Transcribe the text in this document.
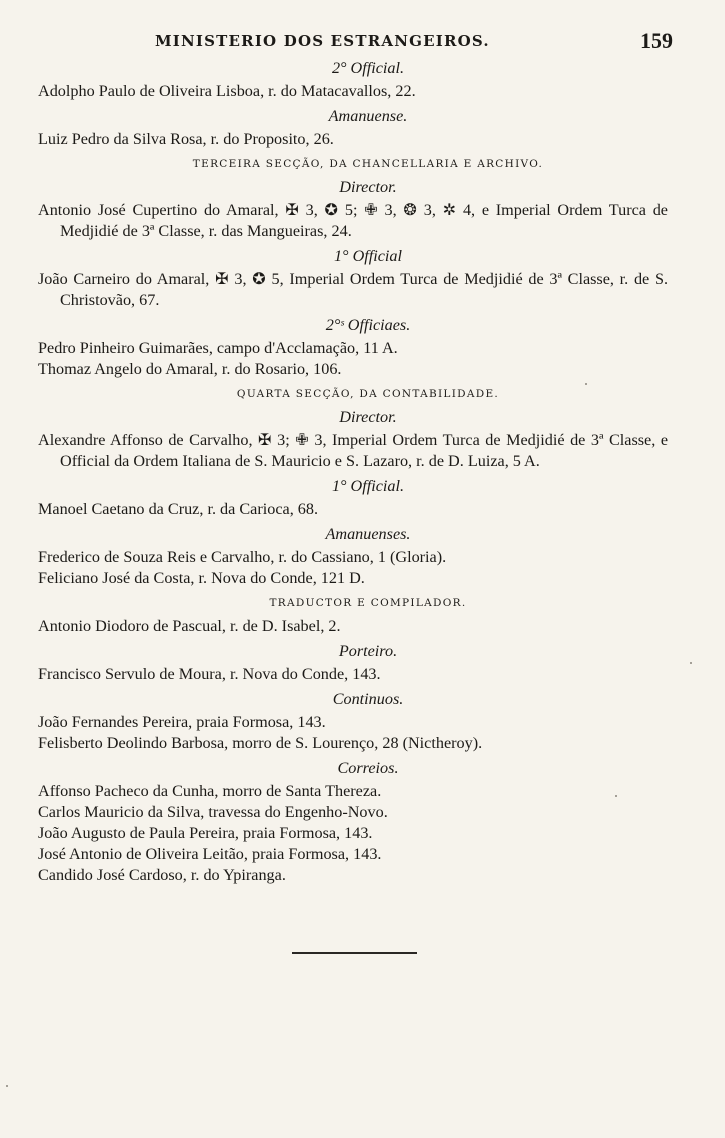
MINISTERIO DOS ESTRANGEIROS.	159
2° Official.
Adolpho Paulo de Oliveira Lisboa, r. do Matacavallos, 22.
Amanuense.
Luiz Pedro da Silva Rosa, r. do Proposito, 26.
TERCEIRA SECÇÃO, DA CHANCELLARIA E ARCHIVO.
Director.
Antonio José Cupertino do Amaral, ✠ 3, ✪ 5; ✙ 3, ❂ 3, ✲ 4, e Imperial Ordem Turca de Medjidié de 3ª Classe, r. das Mangueiras, 24.
1° Official
João Carneiro do Amaral, ✠ 3, ✪ 5, Imperial Ordem Turca de Medjidié de 3ª Classe, r. de S. Christovão, 67.
2°ˢ Officiaes.
Pedro Pinheiro Guimarães, campo d'Acclamação, 11 A.
Thomaz Angelo do Amaral, r. do Rosario, 106.
QUARTA SECÇÃO, DA CONTABILIDADE.
Director.
Alexandre Affonso de Carvalho, ✠ 3; ✙ 3, Imperial Ordem Turca de Medjidié de 3ª Classe, e Official da Ordem Italiana de S. Mauricio e S. Lazaro, r. de D. Luiza, 5 A.
1° Official.
Manoel Caetano da Cruz, r. da Carioca, 68.
Amanuenses.
Frederico de Souza Reis e Carvalho, r. do Cassiano, 1 (Gloria).
Feliciano José da Costa, r. Nova do Conde, 121 D.
TRADUCTOR E COMPILADOR.
Antonio Diodoro de Pascual, r. de D. Isabel, 2.
Porteiro.
Francisco Servulo de Moura, r. Nova do Conde, 143.
Continuos.
João Fernandes Pereira, praia Formosa, 143.
Felisberto Deolindo Barbosa, morro de S. Lourenço, 28 (Nictheroy).
Correios.
Affonso Pacheco da Cunha, morro de Santa Thereza.
Carlos Mauricio da Silva, travessa do Engenho-Novo.
João Augusto de Paula Pereira, praia Formosa, 143.
José Antonio de Oliveira Leitão, praia Formosa, 143.
Candido José Cardoso, r. do Ypiranga.
